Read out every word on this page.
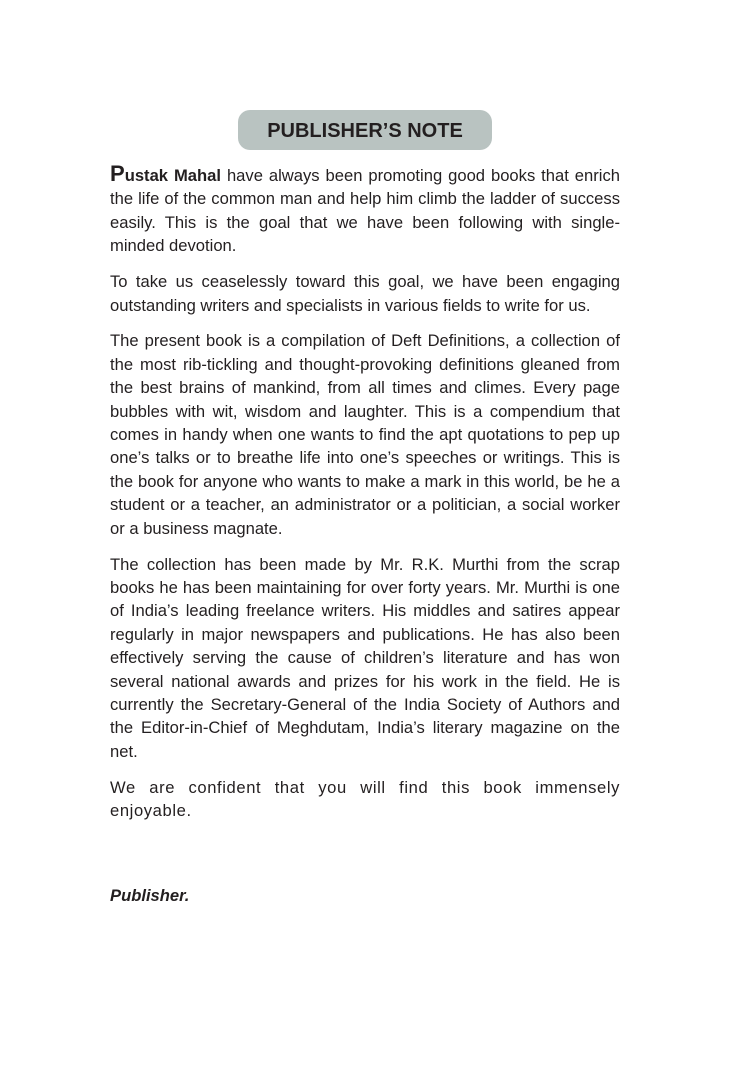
PUBLISHER’S NOTE

Pustak Mahal have always been promoting good books that enrich the life of the common man and help him climb the ladder of success easily. This is the goal that we have been following with single-minded devotion.

To take us ceaselessly toward this goal, we have been engaging outstanding writers and specialists in various fields to write for us.

The present book is a compilation of Deft Definitions, a collection of the most rib-tickling and thought-provoking definitions gleaned from the best brains of mankind, from all times and climes. Every page bubbles with wit, wisdom and laughter. This is a compendium that comes in handy when one wants to find the apt quotations to pep up one’s talks or to breathe life into one’s speeches or writings. This is the book for anyone who wants to make a mark in this world, be he a student or a teacher, an administrator or a politician, a social worker or a business magnate.

The collection has been made by Mr. R.K. Murthi from the scrap books he has been maintaining for over forty years. Mr. Murthi is one of India’s leading freelance writers. His middles and satires appear regularly in major newspapers and publications. He has also been effectively serving the cause of children’s literature and has won several national awards and prizes for his work in the field. He is currently the Secretary-General of the India Society of Authors and the Editor-in-Chief of Meghdutam, India’s literary magazine on the net.

We are confident that you will find this book immensely enjoyable.

Publisher.
